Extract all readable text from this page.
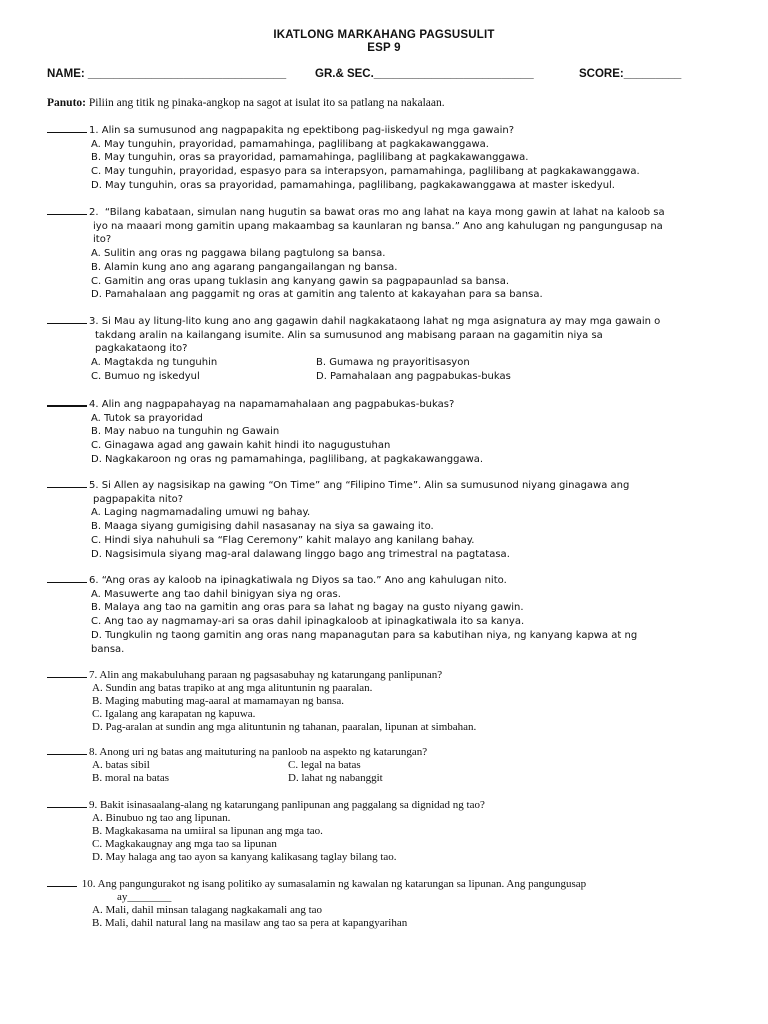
IKATLONG MARKAHANG PAGSUSULIT
ESP 9

NAME: _______________________________

	GR.& SEC._________________________

	SCORE:_________

Panuto: Piliin ang titik ng pinaka-angkop na sagot at isulat ito sa patlang na nakalaan.
1. Alin sa sumusunod ang nagpapakita ng epektibong pag-iiskedyul ng mga gawain?
A. May tunguhin, prayoridad, pamamahinga, paglilibang at pagkakawanggawa.
B. May tunguhin, oras sa prayoridad, pamamahinga, paglilibang at pagkakawanggawa.
C. May tunguhin, prayoridad, espasyo para sa interapsyon, pamamahinga, paglilibang at pagkakawanggawa.
D. May tunguhin, oras sa prayoridad, pamamahinga, paglilibang, pagkakawanggawa at master iskedyul.
2. “Bilang kabataan, simulan nang hugutin sa bawat oras mo ang lahat na kaya mong gawin at lahat na kaloob sa
iyo na maaari mong gamitin upang makaambag sa kaunlaran ng bansa.” Ano ang kahulugan ng pangungusap na
ito?
A. Sulitin ang oras ng paggawa bilang pagtulong sa bansa.
B. Alamin kung ano ang agarang pangangailangan ng bansa.
C. Gamitin ang oras upang tuklasin ang kanyang gawin sa pagpapaunlad sa bansa.
D. Pamahalaan ang paggamit ng oras at gamitin ang talento at kakayahan para sa bansa.
3. Si Mau ay litung-lito kung ano ang gagawin dahil nagkakataong lahat ng mga asignatura ay may mga gawain o
takdang aralin na kailangang isumite. Alin sa sumusunod ang mabisang paraan na gagamitin niya sa
pagkakataong ito?
A. Magtakda ng tunguhin	B. Gumawa ng prayoritisasyon
C. Bumuo ng iskedyul	D. Pamahalaan ang pagpabukas-bukas
4. Alin ang nagpapahayag na napamamahalaan ang pagpabukas-bukas?
A. Tutok sa prayoridad
B. May nabuo na tunguhin ng Gawain
C. Ginagawa agad ang gawain kahit hindi ito nagugustuhan
D. Nagkakaroon ng oras ng pamamahinga, paglilibang, at pagkakawanggawa.
5. Si Allen ay nagsisikap na gawing “On Time” ang “Filipino Time”. Alin sa sumusunod niyang ginagawa ang
pagpapakita nito?
A. Laging nagmamadaling umuwi ng bahay.
B. Maaga siyang gumigising dahil nasasanay na siya sa gawaing ito.
C. Hindi siya nahuhuli sa “Flag Ceremony” kahit malayo ang kanilang bahay.
D. Nagsisimula siyang mag-aral dalawang linggo bago ang trimestral na pagtatasa.
6. “Ang oras ay kaloob na ipinagkatiwala ng Diyos sa tao.” Ano ang kahulugan nito.
A. Masuwerte ang tao dahil binigyan siya ng oras.
B. Malaya ang tao na gamitin ang oras para sa lahat ng bagay na gusto niyang gawin.
C. Ang tao ay nagmamay-ari sa oras dahil ipinagkaloob at ipinagkatiwala ito sa kanya.
D. Tungkulin ng taong gamitin ang oras nang mapanagutan para sa kabutihan niya, ng kanyang kapwa at ng
bansa.
7. Alin ang makabuluhang paraan ng pagsasabuhay ng katarungang panlipunan?
A. Sundin ang batas trapiko at ang mga alituntunin ng paaralan.
B. Maging mabuting mag-aaral at mamamayan ng bansa.
C. Igalang ang karapatan ng kapuwa.
D. Pag-aralan at sundin ang mga alituntunin ng tahanan, paaralan, lipunan at simbahan.
8. Anong uri ng batas ang maituturing na panloob na aspekto ng katarungan?
A. batas sibil	C. legal na batas
B. moral na batas	D. lahat ng nabanggit
9. Bakit isinasaalang-alang ng katarungang panlipunan ang paggalang sa dignidad ng tao?
A. Binubuo ng tao ang lipunan.
B. Magkakasama na umiiral sa lipunan ang mga tao.
C. Magkakaugnay ang mga tao sa lipunan
D. May halaga ang tao ayon sa kanyang kalikasang taglay bilang tao.
10. Ang pangungurakot ng isang politiko ay sumasalamin ng kawalan ng katarungan sa lipunan. Ang pangungusap
ay________
A. Mali, dahil minsan talagang nagkakamali ang tao
B. Mali, dahil natural lang na masilaw ang tao sa pera at kapangyarihan
